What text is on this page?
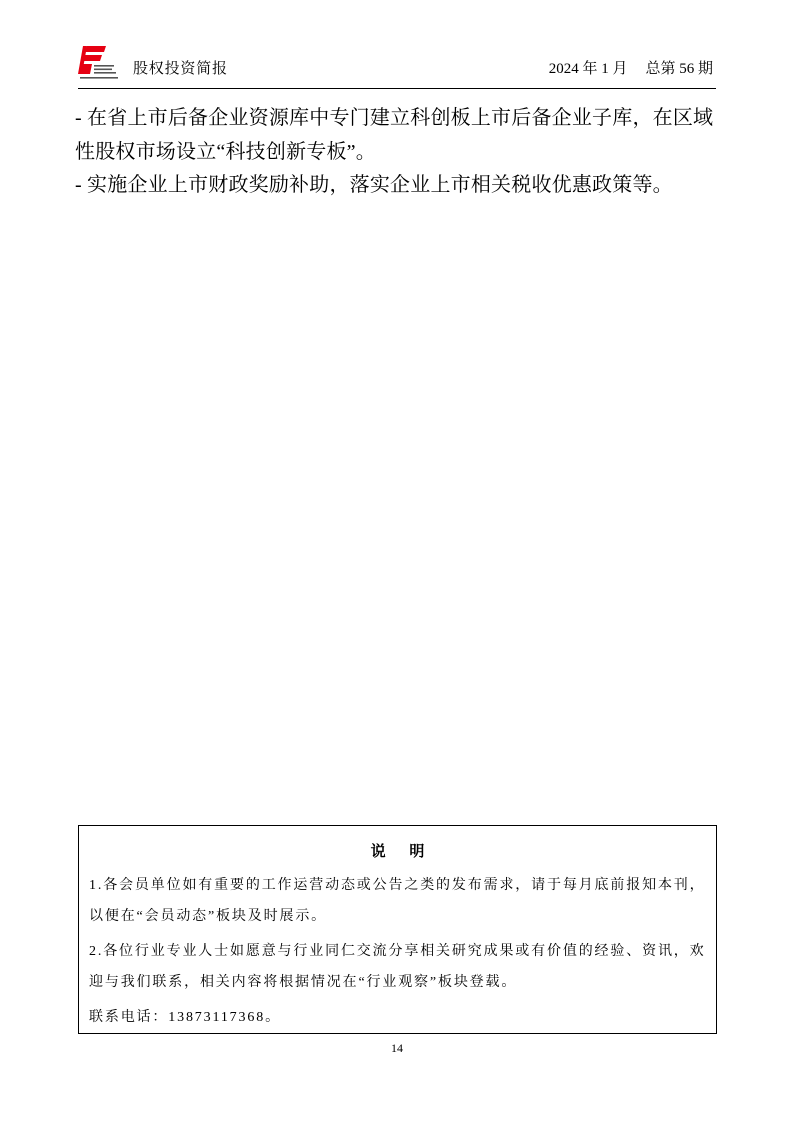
股权投资简报	2024 年 1 月 总第 56 期
- 在省上市后备企业资源库中专门建立科创板上市后备企业子库，在区域
性股权市场设立“科技创新专板”。
- 实施企业上市财政奖励补助，落实企业上市相关税收优惠政策等。
说 明
1.各会员单位如有重要的工作运营动态或公告之类的发布需求，请于每月底前报知本刊，
以便在“会员动态”板块及时展示。
2.各位行业专业人士如愿意与行业同仁交流分享相关研究成果或有价值的经验、资讯，欢
迎与我们联系，相关内容将根据情况在“行业观察”板块登载。
联系电话：13873117368。
14
